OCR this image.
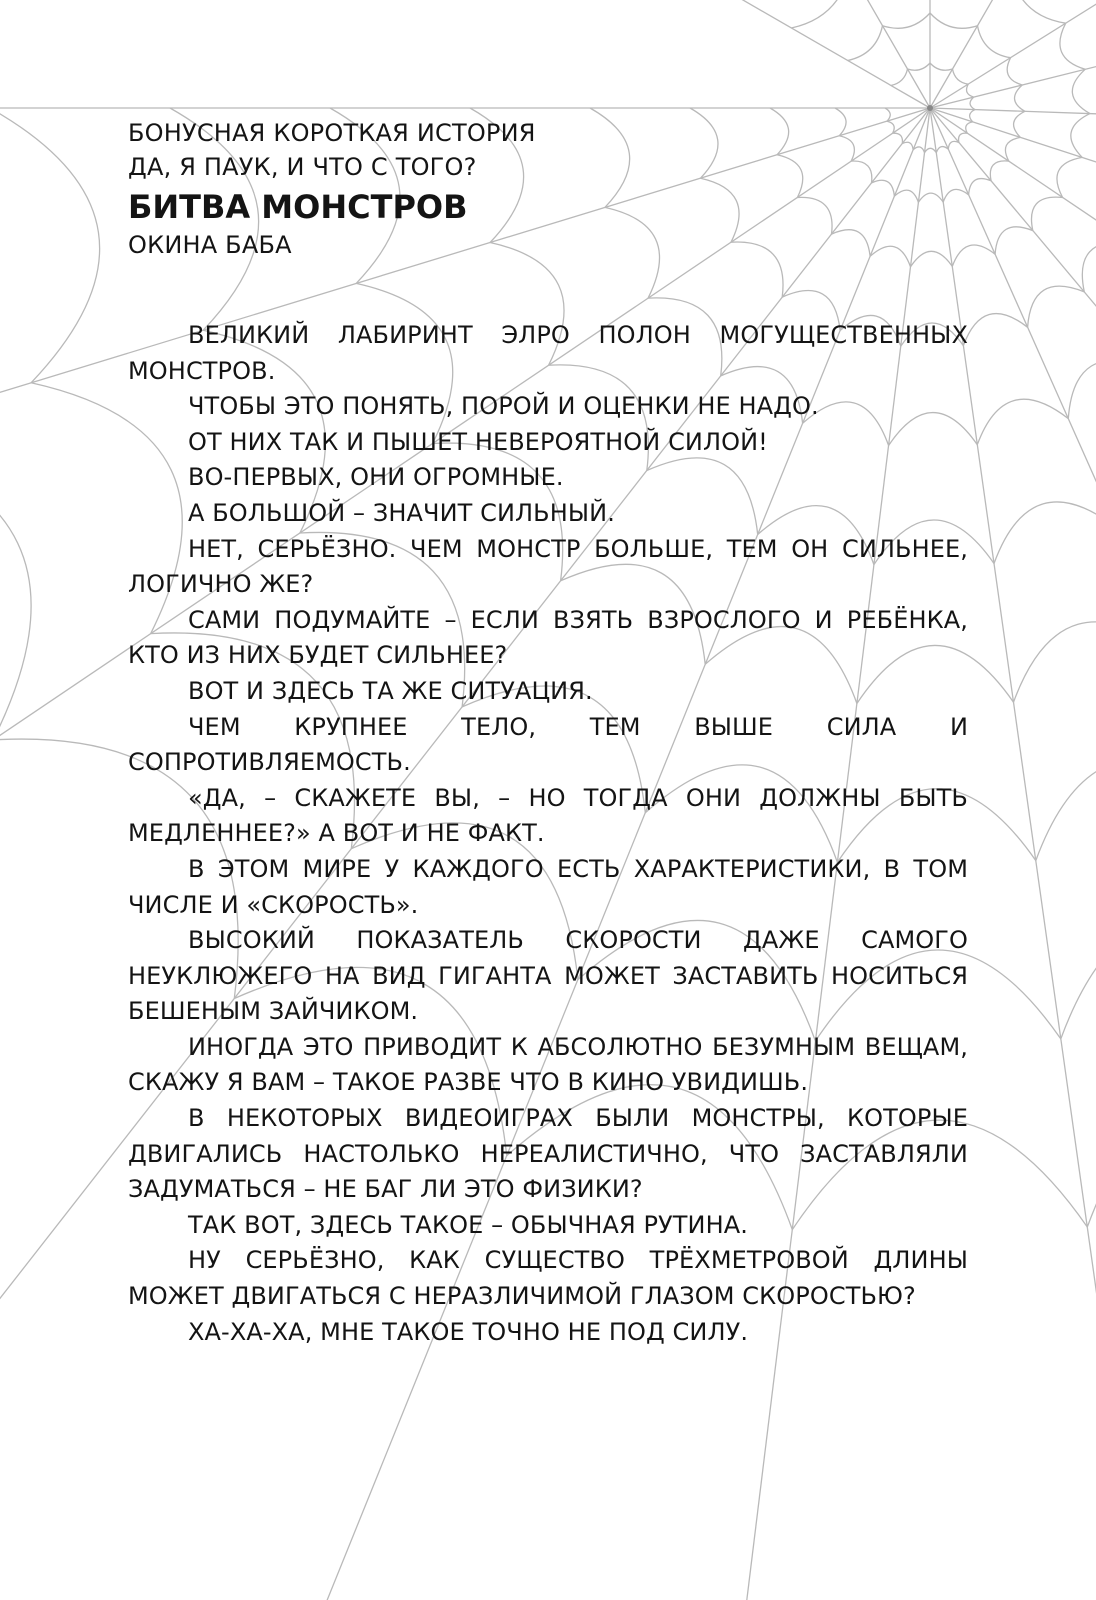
БОНУСНАЯ КОРОТКАЯ ИСТОРИЯ
ДА, Я ПАУК, И ЧТО С ТОГО?
БИТВА МОНСТРОВ
ОКИНА БАБА

ВЕЛИКИЙ ЛАБИРИНТ ЭЛРО ПОЛОН МОГУЩЕСТВЕННЫХ МОНСТРОВ.

ЧТОБЫ ЭТО ПОНЯТЬ, ПОРОЙ И ОЦЕНКИ НЕ НАДО.

ОТ НИХ ТАК И ПЫШЕТ НЕВЕРОЯТНОЙ СИЛОЙ!

ВО-ПЕРВЫХ, ОНИ ОГРОМНЫЕ.

А БОЛЬШОЙ – ЗНАЧИТ СИЛЬНЫЙ.

НЕТ, СЕРЬЁЗНО. ЧЕМ МОНСТР БОЛЬШЕ, ТЕМ ОН СИЛЬНЕЕ, ЛОГИЧНО ЖЕ?

САМИ ПОДУМАЙТЕ – ЕСЛИ ВЗЯТЬ ВЗРОСЛОГО И РЕБЁНКА, КТО ИЗ НИХ БУДЕТ СИЛЬНЕЕ?

ВОТ И ЗДЕСЬ ТА ЖЕ СИТУАЦИЯ.

ЧЕМ КРУПНЕЕ ТЕЛО, ТЕМ ВЫШЕ СИЛА И СОПРОТИВЛЯЕМОСТЬ.

«ДА, – СКАЖЕТЕ ВЫ, – НО ТОГДА ОНИ ДОЛЖНЫ БЫТЬ МЕДЛЕННЕЕ?» А ВОТ И НЕ ФАКТ.

В ЭТОМ МИРЕ У КАЖДОГО ЕСТЬ ХАРАКТЕРИСТИКИ, В ТОМ ЧИСЛЕ И «СКОРОСТЬ».

ВЫСОКИЙ ПОКАЗАТЕЛЬ СКОРОСТИ ДАЖЕ САМОГО НЕУКЛЮЖЕГО НА ВИД ГИГАНТА МОЖЕТ ЗАСТАВИТЬ НОСИТЬСЯ БЕШЕНЫМ ЗАЙЧИКОМ.

ИНОГДА ЭТО ПРИВОДИТ К АБСОЛЮТНО БЕЗУМНЫМ ВЕЩАМ, СКАЖУ Я ВАМ – ТАКОЕ РАЗВЕ ЧТО В КИНО УВИДИШЬ.

В НЕКОТОРЫХ ВИДЕОИГРАХ БЫЛИ МОНСТРЫ, КОТОРЫЕ ДВИГАЛИСЬ НАСТОЛЬКО НЕРЕАЛИСТИЧНО, ЧТО ЗАСТАВЛЯЛИ ЗАДУМАТЬСЯ – НЕ БАГ ЛИ ЭТО ФИЗИКИ?

ТАК ВОТ, ЗДЕСЬ ТАКОЕ – ОБЫЧНАЯ РУТИНА.

НУ СЕРЬЁЗНО, КАК СУЩЕСТВО ТРЁХМЕТРОВОЙ ДЛИНЫ МОЖЕТ ДВИГАТЬСЯ С НЕРАЗЛИЧИМОЙ ГЛАЗОМ СКОРОСТЬЮ?

ХА-ХА-ХА, МНЕ ТАКОЕ ТОЧНО НЕ ПОД СИЛУ.
